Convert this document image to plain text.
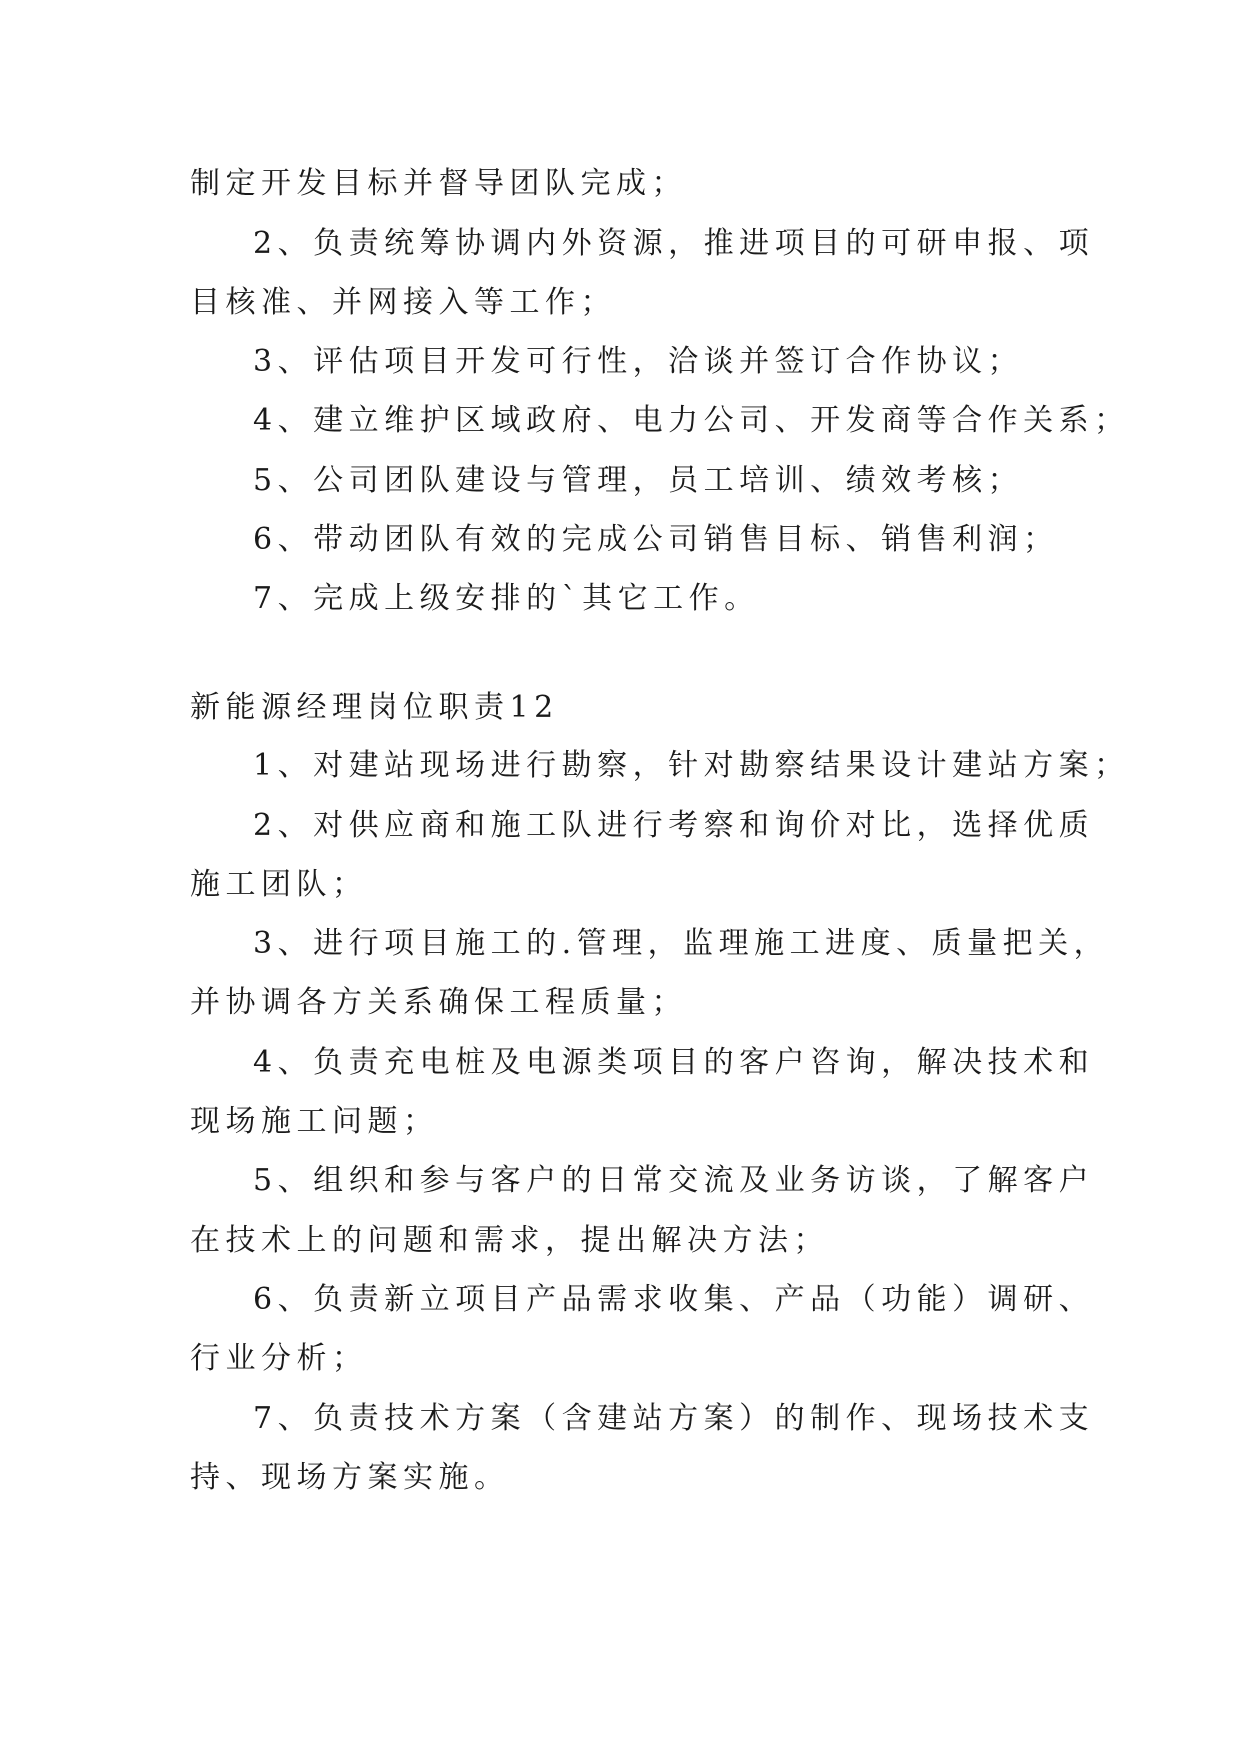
制定开发目标并督导团队完成；
2、负责统筹协调内外资源，推进项目的可研申报、项
目核准、并网接入等工作；
3、评估项目开发可行性，洽谈并签订合作协议；
4、建立维护区域政府、电力公司、开发商等合作关系；
5、公司团队建设与管理，员工培训、绩效考核；
6、带动团队有效的完成公司销售目标、销售利润；
7、完成上级安排的`其它工作。
新能源经理岗位职责12
1、对建站现场进行勘察，针对勘察结果设计建站方案；
2、对供应商和施工队进行考察和询价对比，选择优质
施工团队；
3、进行项目施工的.管理，监理施工进度、质量把关，
并协调各方关系确保工程质量；
4、负责充电桩及电源类项目的客户咨询，解决技术和
现场施工问题；
5、组织和参与客户的日常交流及业务访谈，了解客户
在技术上的问题和需求，提出解决方法；
6、负责新立项目产品需求收集、产品（功能）调研、
行业分析；
7、负责技术方案（含建站方案）的制作、现场技术支
持、现场方案实施。
